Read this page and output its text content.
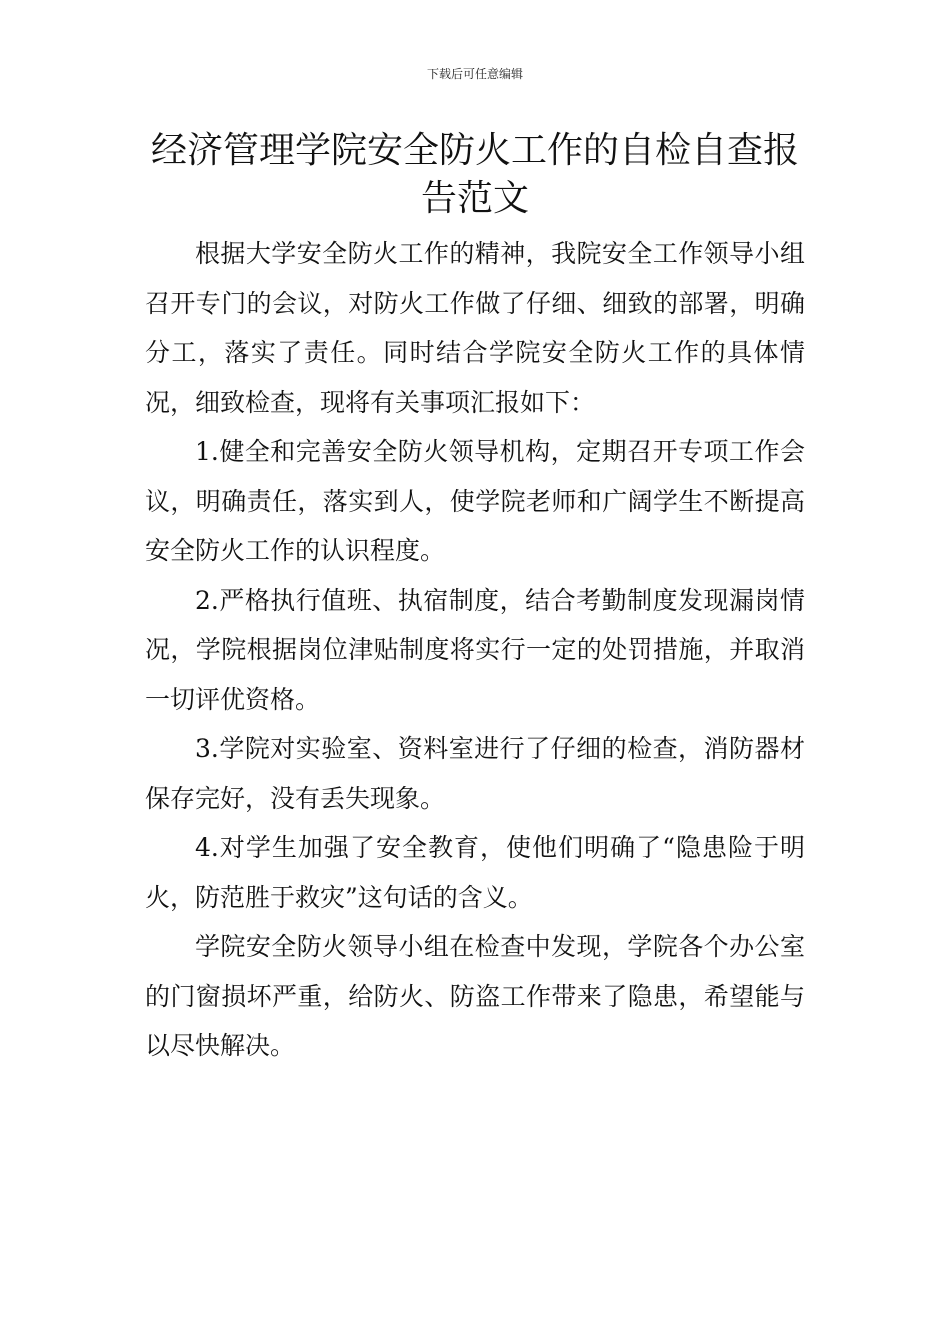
下载后可任意编辑
经济管理学院安全防火工作的自检自查报告范文

根据大学安全防火工作的精神，我院安全工作领导小组召开专门的会议，对防火工作做了仔细、细致的部署，明确分工，落实了责任。同时结合学院安全防火工作的具体情况，细致检查，现将有关事项汇报如下：

1.健全和完善安全防火领导机构，定期召开专项工作会议，明确责任，落实到人，使学院老师和广阔学生不断提高安全防火工作的认识程度。

2.严格执行值班、执宿制度，结合考勤制度发现漏岗情况，学院根据岗位津贴制度将实行一定的处罚措施，并取消一切评优资格。

3.学院对实验室、资料室进行了仔细的检查，消防器材保存完好，没有丢失现象。

4.对学生加强了安全教育，使他们明确了“隐患险于明火，防范胜于救灾”这句话的含义。

学院安全防火领导小组在检查中发现，学院各个办公室的门窗损坏严重，给防火、防盗工作带来了隐患，希望能与以尽快解决。
